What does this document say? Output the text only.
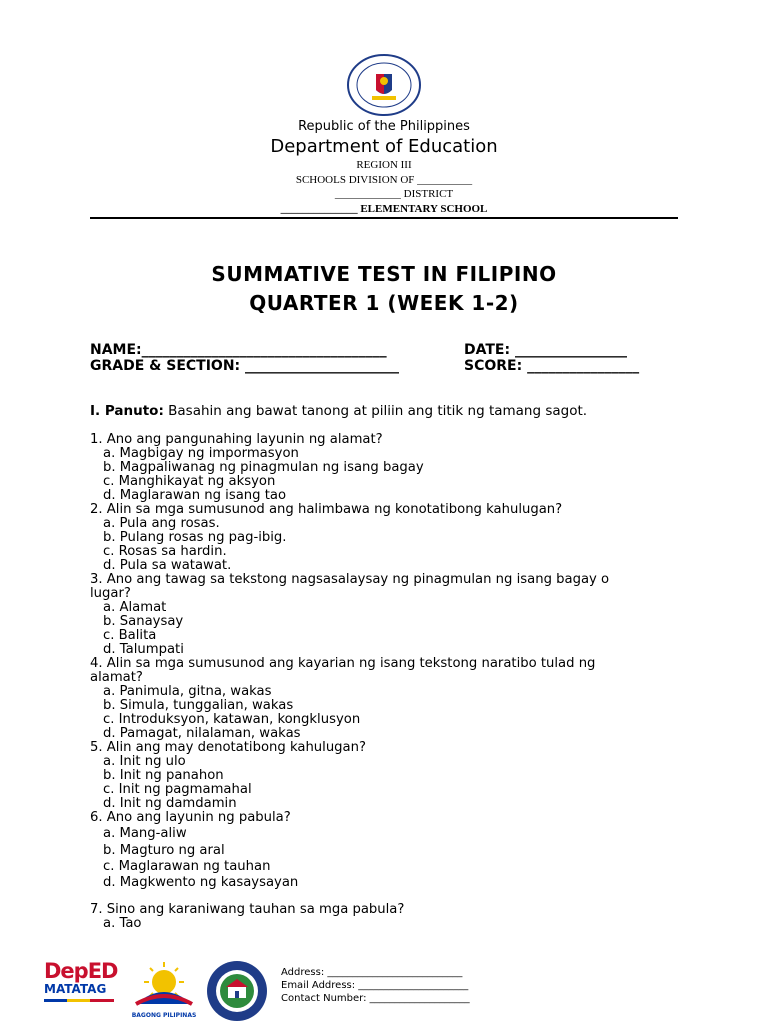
Republic of the Philippines
Department of Education
REGION III
SCHOOLS DIVISION OF __________
____________ DISTRICT
______________ ELEMENTARY SCHOOL
SUMMATIVE TEST IN FILIPINO
QUARTER 1 (WEEK 1-2)
NAME:___________________________________
GRADE & SECTION: ______________________
DATE: ________________
SCORE: ________________
I. Panuto: Basahin ang bawat tanong at piliin ang titik ng tamang sagot.
1. Ano ang pangunahing layunin ng alamat?
a. Magbigay ng impormasyon
b. Magpaliwanag ng pinagmulan ng isang bagay
c. Manghikayat ng aksyon
d. Maglarawan ng isang tao
2. Alin sa mga sumusunod ang halimbawa ng konotatibong kahulugan?
a. Pula ang rosas.
b. Pulang rosas ng pag-ibig.
c. Rosas sa hardin.
d. Pula sa watawat.
3. Ano ang tawag sa tekstong nagsasalaysay ng pinagmulan ng isang bagay o
lugar?
a. Alamat
b. Sanaysay
c. Balita
d. Talumpati
4. Alin sa mga sumusunod ang kayarian ng isang tekstong naratibo tulad ng
alamat?
a. Panimula, gitna, wakas
b. Simula, tunggalian, wakas
c. Introduksyon, katawan, kongklusyon
d. Pamagat, nilalaman, wakas
5. Alin ang may denotatibong kahulugan?
a. Init ng ulo
b. Init ng panahon
c. Init ng pagmamahal
d. Init ng damdamin
6. Ano ang layunin ng pabula?
a. Mang-aliw
b. Magturo ng aral
c. Maglarawan ng tauhan
d. Magkwento ng kasaysayan
7. Sino ang karaniwang tauhan sa mga pabula?
a. Tao
DepED
MATATAG
BAGONG PILIPINAS
Address: ___________________________
Email Address: ______________________
Contact Number: ____________________
